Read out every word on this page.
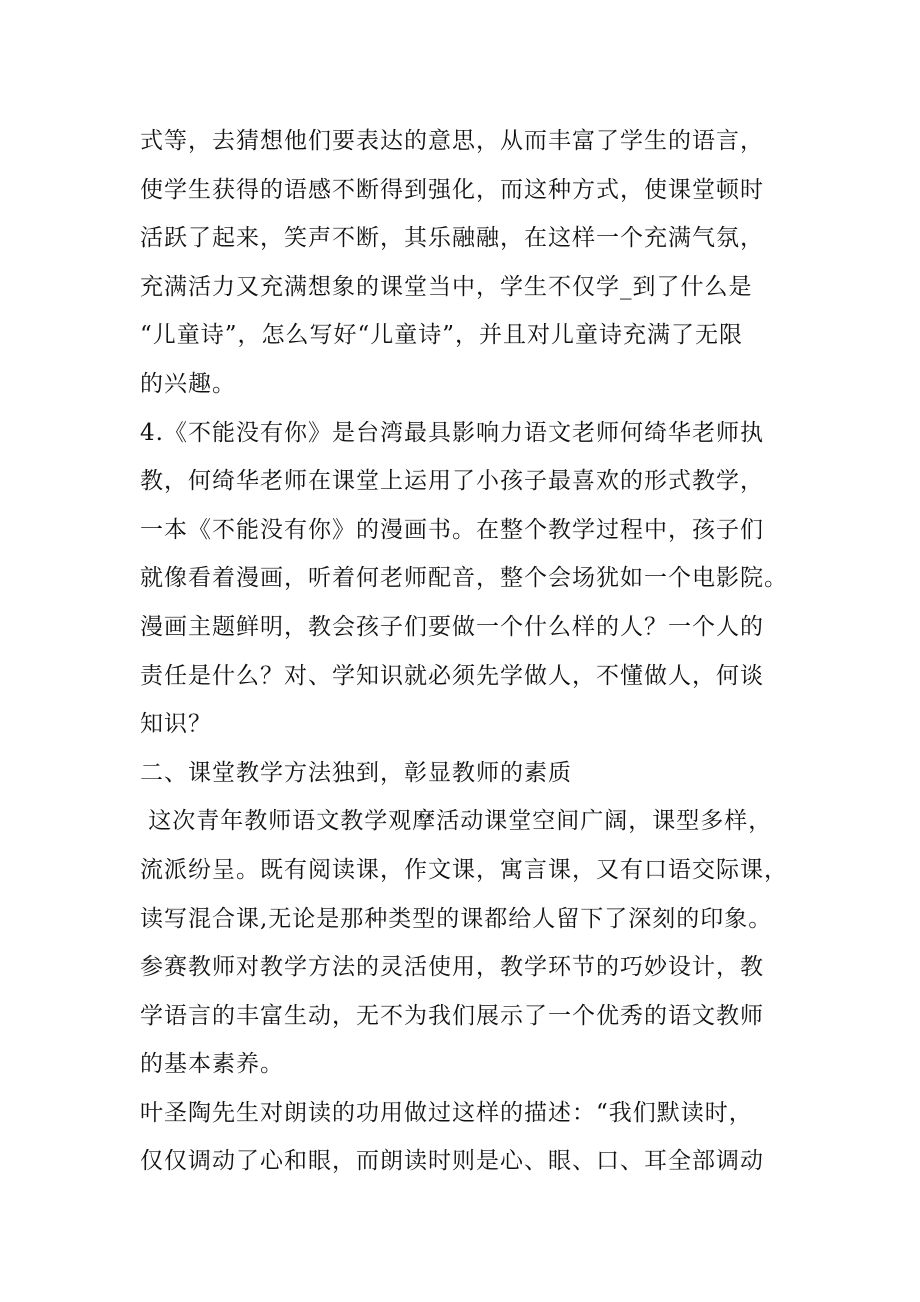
式等，去猜想他们要表达的意思，从而丰富了学生的语言，
使学生获得的语感不断得到强化，而这种方式，使课堂顿时
活跃了起来，笑声不断，其乐融融，在这样一个充满气氛，
充满活力又充满想象的课堂当中，学生不仅学_到了什么是
“儿童诗”，怎么写好“儿童诗”，并且对儿童诗充满了无限
的兴趣。
4.《不能没有你》是台湾最具影响力语文老师何绮华老师执
教，何绮华老师在课堂上运用了小孩子最喜欢的形式教学，
一本《不能没有你》的漫画书。在整个教学过程中，孩子们
就像看着漫画，听着何老师配音，整个会场犹如一个电影院。
漫画主题鲜明，教会孩子们要做一个什么样的人？一个人的
责任是什么？对、学知识就必须先学做人，不懂做人，何谈
知识？
二、课堂教学方法独到，彰显教师的素质
这次青年教师语文教学观摩活动课堂空间广阔，课型多样，
流派纷呈。既有阅读课，作文课，寓言课，又有口语交际课，
读写混合课,无论是那种类型的课都给人留下了深刻的印象。
参赛教师对教学方法的灵活使用，教学环节的巧妙设计，教
学语言的丰富生动，无不为我们展示了一个优秀的语文教师
的基本素养。
叶圣陶先生对朗读的功用做过这样的描述：“我们默读时，
仅仅调动了心和眼，而朗读时则是心、眼、口、耳全部调动
